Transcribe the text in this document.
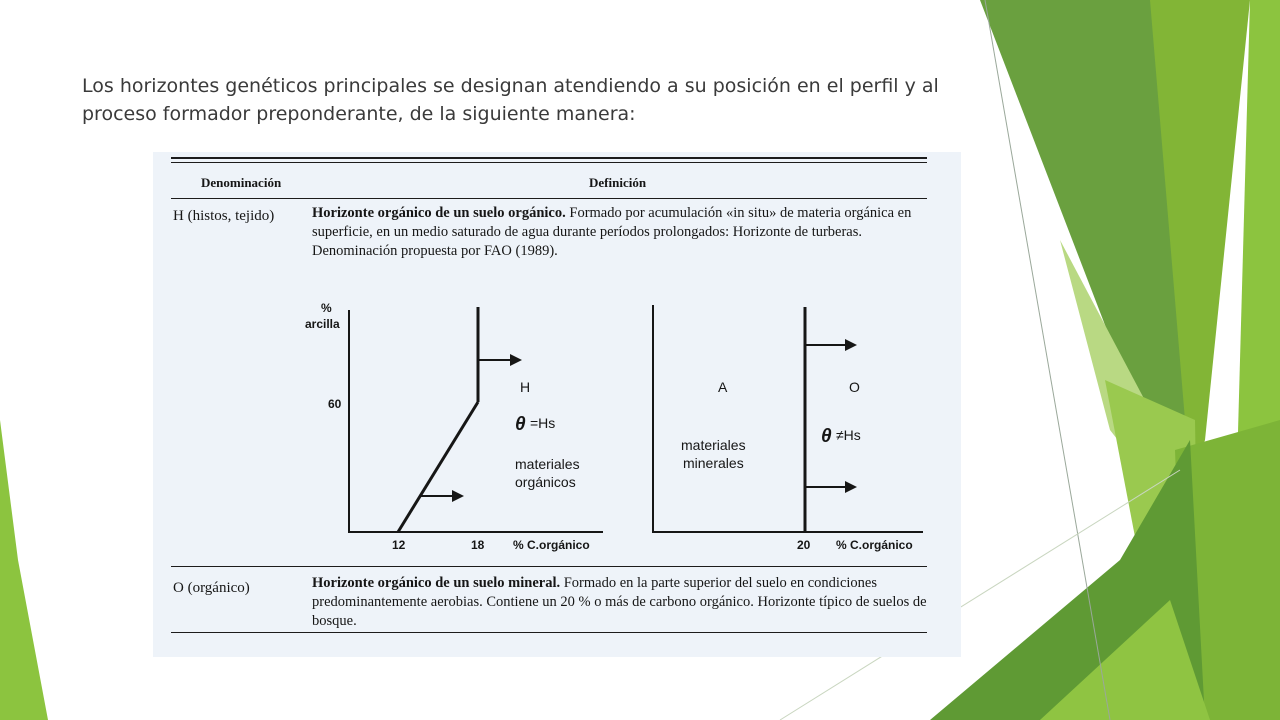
Los horizontes genéticos principales se designan atendiendo a su posición en el perfil y al proceso formador preponderante, de la siguiente manera:

Denominación	Definición
H (histos, tejido)	Horizonte orgánico de un suelo orgánico. Formado por acumulación «in situ» de materia orgánica en superficie, en un medio saturado de agua durante períodos prolongados: Horizonte de turberas. Denominación propuesta por FAO (1989).
%
arcilla
60
12	18 % C.orgánico
H
θ =Hs
materiales
orgánicos
20 % C.orgánico
A	O
materiales
minerales
θ ≠Hs
O (orgánico)	Horizonte orgánico de un suelo mineral. Formado en la parte superior del suelo en condiciones predominantemente aerobias. Contiene un 20 % o más de carbono orgánico. Horizonte típico de suelos de bosque.
